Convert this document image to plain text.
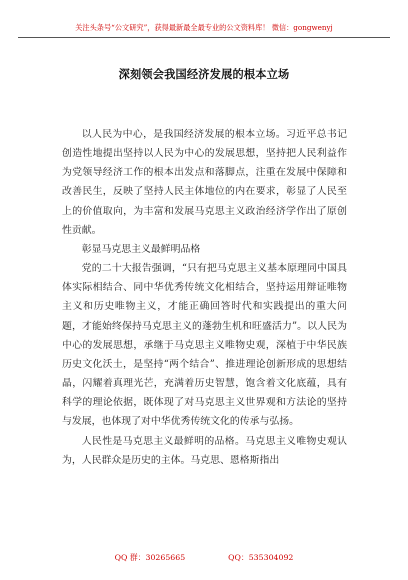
关注头条号“公文研究”，获得最新最全最专业的公文资料库！ 微信：gongwenyj
深刻领会我国经济发展的根本立场

以人民为中心，是我国经济发展的根本立场。习近平总书记创造性地提出坚持以人民为中心的发展思想，坚持把人民利益作为党领导经济工作的根本出发点和落脚点，注重在发展中保障和改善民生，反映了坚持人民主体地位的内在要求，彰显了人民至上的价值取向，为丰富和发展马克思主义政治经济学作出了原创性贡献。

彰显马克思主义最鲜明品格

党的二十大报告强调，“只有把马克思主义基本原理同中国具体实际相结合、同中华优秀传统文化相结合，坚持运用辩证唯物主义和历史唯物主义，才能正确回答时代和实践提出的重大问题，才能始终保持马克思主义的蓬勃生机和旺盛活力”。以人民为中心的发展思想，承继于马克思主义唯物史观，深植于中华民族历史文化沃土，是坚持“两个结合”、推进理论创新形成的思想结晶，闪耀着真理光芒，充满着历史智慧，饱含着文化底蕴，具有科学的理论依据，既体现了对马克思主义世界观和方法论的坚持与发展，也体现了对中华优秀传统文化的传承与弘扬。

人民性是马克思主义最鲜明的品格。马克思主义唯物史观认为，人民群众是历史的主体。马克思、恩格斯指出

QQ 群：30265665	QQ：535304092
